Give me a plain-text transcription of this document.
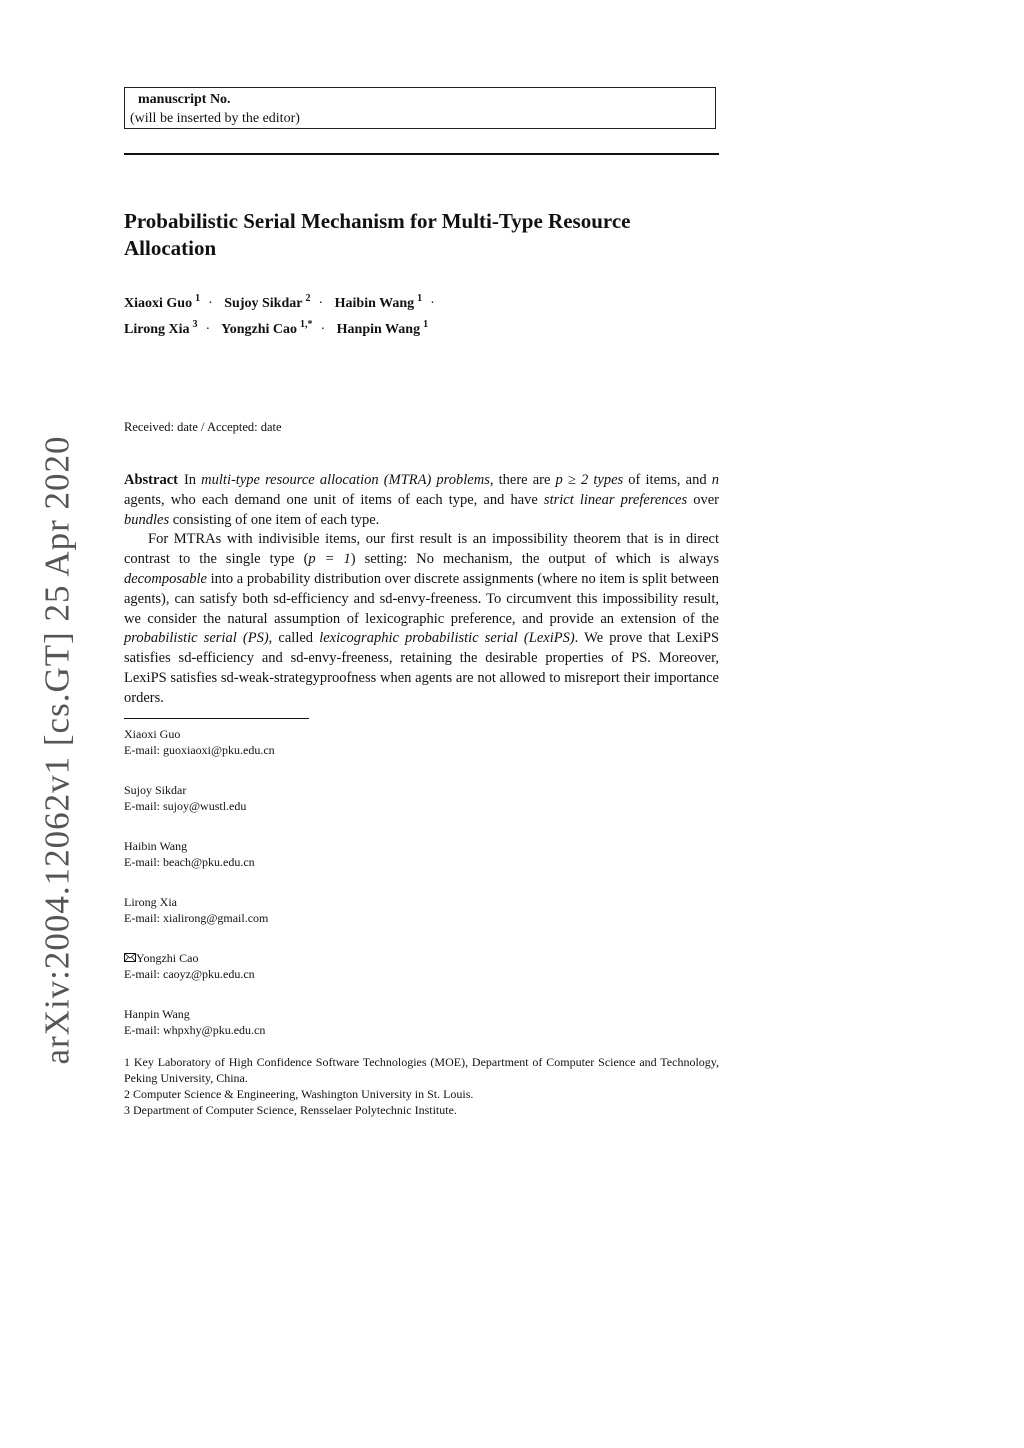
arXiv:2004.12062v1 [cs.GT] 25 Apr 2020
manuscript No.
(will be inserted by the editor)
Probabilistic Serial Mechanism for Multi-Type Resource Allocation
Xiaoxi Guo $^1$ · Sujoy Sikdar $^2$ · Haibin Wang $^1$ ·
Lirong Xia $^3$ · Yongzhi Cao $^{1,*}$ · Hanpin Wang $^1$
Received: date / Accepted: date

Abstract In multi-type resource allocation (MTRA) problems, there are p ≥ 2 types of items, and n agents, who each demand one unit of items of each type, and have strict linear preferences over bundles consisting of one item of each type.

For MTRAs with indivisible items, our first result is an impossibility theorem that is in direct contrast to the single type (p = 1) setting: No mechanism, the output of which is always decomposable into a probability distribution over discrete assignments (where no item is split between agents), can satisfy both sd-efficiency and sd-envy-freeness. To circumvent this impossibility result, we consider the natural assumption of lexicographic preference, and provide an extension of the probabilistic serial (PS), called lexicographic probabilistic serial (LexiPS). We prove that LexiPS satisfies sd-efficiency and sd-envy-freeness, retaining the desirable properties of PS. Moreover, LexiPS satisfies sd-weak-strategyproofness when agents are not allowed to misreport their importance orders.

Xiaoxi Guo
E-mail: guoxiaoxi@pku.edu.cn
Sujoy Sikdar
E-mail: sujoy@wustl.edu
Haibin Wang
E-mail: beach@pku.edu.cn
Lirong Xia
E-mail: xialirong@gmail.com
Yongzhi Cao
E-mail: caoyz@pku.edu.cn
Hanpin Wang
E-mail: whpxhy@pku.edu.cn

1 Key Laboratory of High Confidence Software Technologies (MOE), Department of Computer Science and Technology, Peking University, China.

2 Computer Science & Engineering, Washington University in St. Louis.

3 Department of Computer Science, Rensselaer Polytechnic Institute.
